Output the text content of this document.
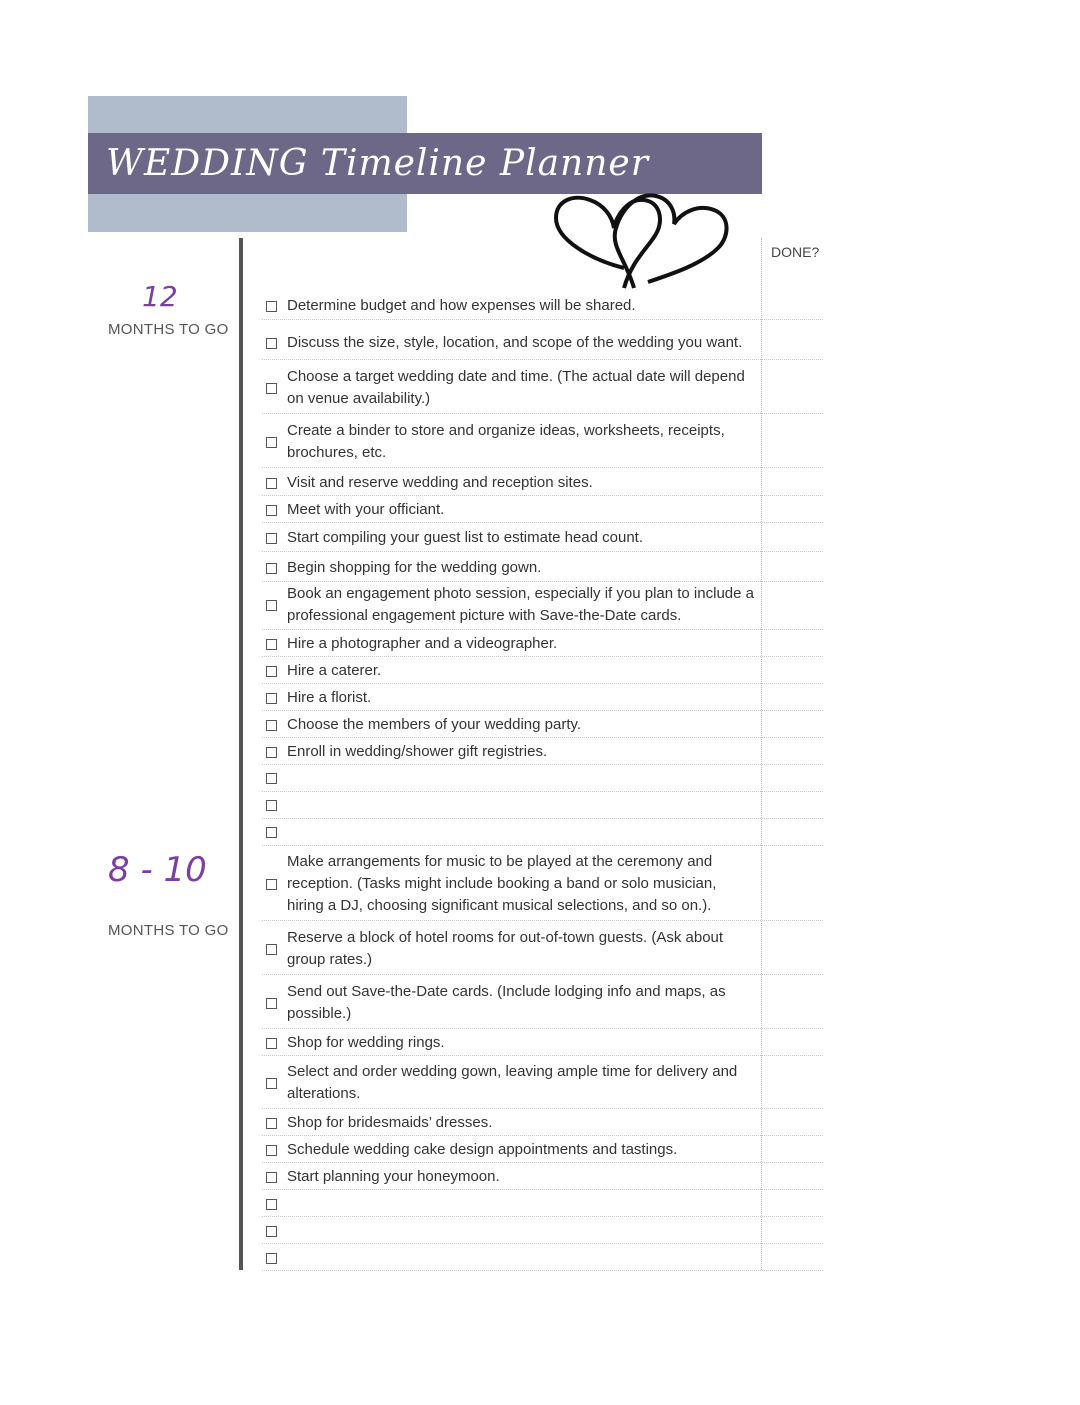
WEDDING Timeline Planner
DONE?
12
MONTHS TO GO
8 - 10
MONTHS TO GO
Determine budget and how expenses will be shared.
Discuss the size, style, location, and scope of the wedding you want.
Choose a target wedding date and time. (The actual date will depend
on venue availability.)
Create a binder to store and organize ideas, worksheets, receipts,
brochures, etc.
Visit and reserve wedding and reception sites.
Meet with your officiant.
Start compiling your guest list to estimate head count.
Begin shopping for the wedding gown.
Book an engagement photo session, especially if you plan to include a
professional engagement picture with Save-the-Date cards.
Hire a photographer and a videographer.
Hire a caterer.
Hire a florist.
Choose the members of your wedding party.
Enroll in wedding/shower gift registries.
Make arrangements for music to be played at the ceremony and
reception. (Tasks might include booking a band or solo musician,
hiring a DJ, choosing significant musical selections, and so on.).
Reserve a block of hotel rooms for out-of-town guests. (Ask about
group rates.)
Send out Save-the-Date cards. (Include lodging info and maps, as
possible.)
Shop for wedding rings.
Select and order wedding gown, leaving ample time for delivery and
alterations.
Shop for bridesmaids’ dresses.
Schedule wedding cake design appointments and tastings.
Start planning your honeymoon.
